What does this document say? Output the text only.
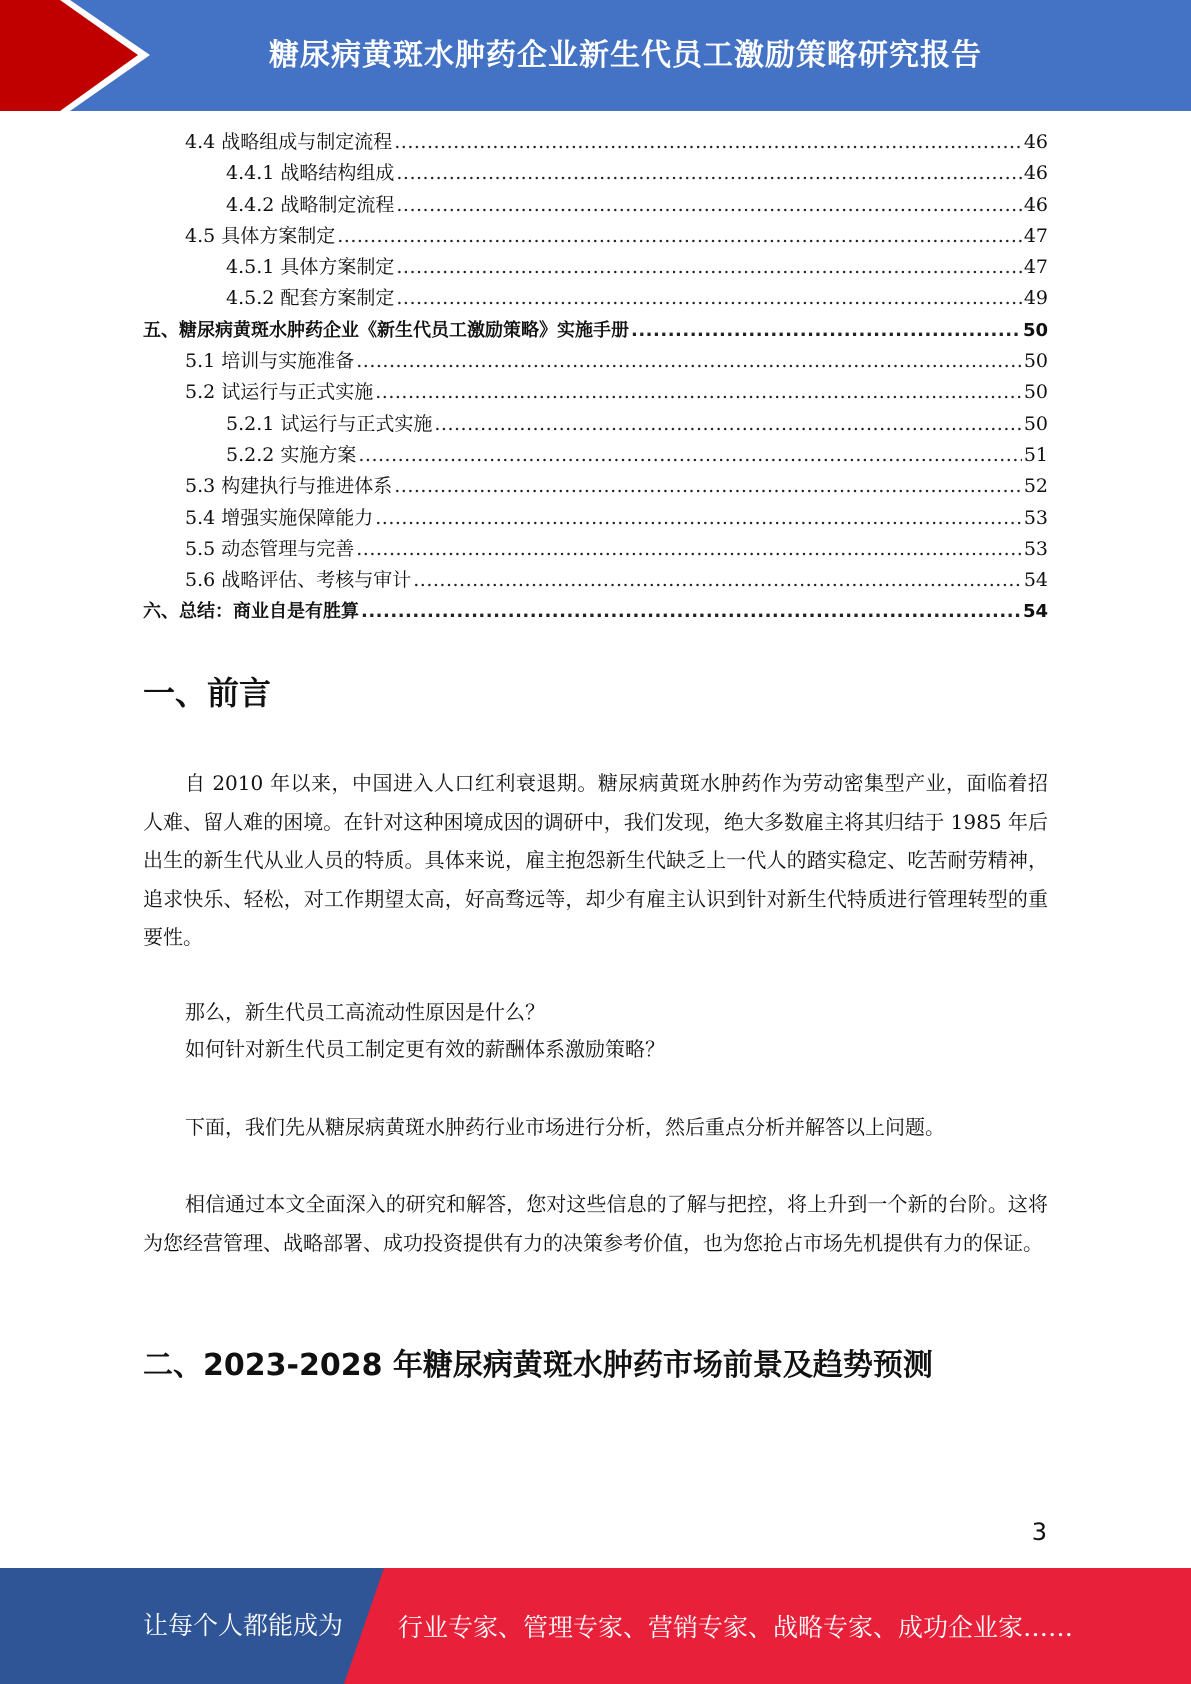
糖尿病黄斑水肿药企业新生代员工激励策略研究报告
4.4 战略组成与制定流程 .....	46
4.4.1 战略结构组成 .....	46
4.4.2 战略制定流程 .....	46
4.5 具体方案制定 .....	47
4.5.1 具体方案制定 .....	47
4.5.2 配套方案制定 .....	49
五、糖尿病黄斑水肿药企业《新生代员工激励策略》实施手册 .....	50
5.1 培训与实施准备 .....	50
5.2 试运行与正式实施 .....	50
5.2.1 试运行与正式实施 .....	50
5.2.2 实施方案 .....	51
5.3 构建执行与推进体系 .....	52
5.4 增强实施保障能力 .....	53
5.5 动态管理与完善 .....	53
5.6 战略评估、考核与审计 .....	54
六、总结：商业自是有胜算 .....	54
一、前言

自 2010 年以来，中国进入人口红利衰退期。糖尿病黄斑水肿药作为劳动密集型产业，面临着招人难、留人难的困境。在针对这种困境成因的调研中，我们发现，绝大多数雇主将其归结于 1985 年后出生的新生代从业人员的特质。具体来说，雇主抱怨新生代缺乏上一代人的踏实稳定、吃苦耐劳精神，追求快乐、轻松，对工作期望太高，好高骛远等，却少有雇主认识到针对新生代特质进行管理转型的重要性。

那么，新生代员工高流动性原因是什么？

如何针对新生代员工制定更有效的薪酬体系激励策略？

下面，我们先从糖尿病黄斑水肿药行业市场进行分析，然后重点分析并解答以上问题。

相信通过本文全面深入的研究和解答，您对这些信息的了解与把控，将上升到一个新的台阶。这将为您经营管理、战略部署、成功投资提供有力的决策参考价值，也为您抢占市场先机提供有力的保证。

二、2023-2028 年糖尿病黄斑水肿药市场前景及趋势预测
3
让每个人都能成为 行业专家、管理专家、营销专家、战略专家、成功企业家……
